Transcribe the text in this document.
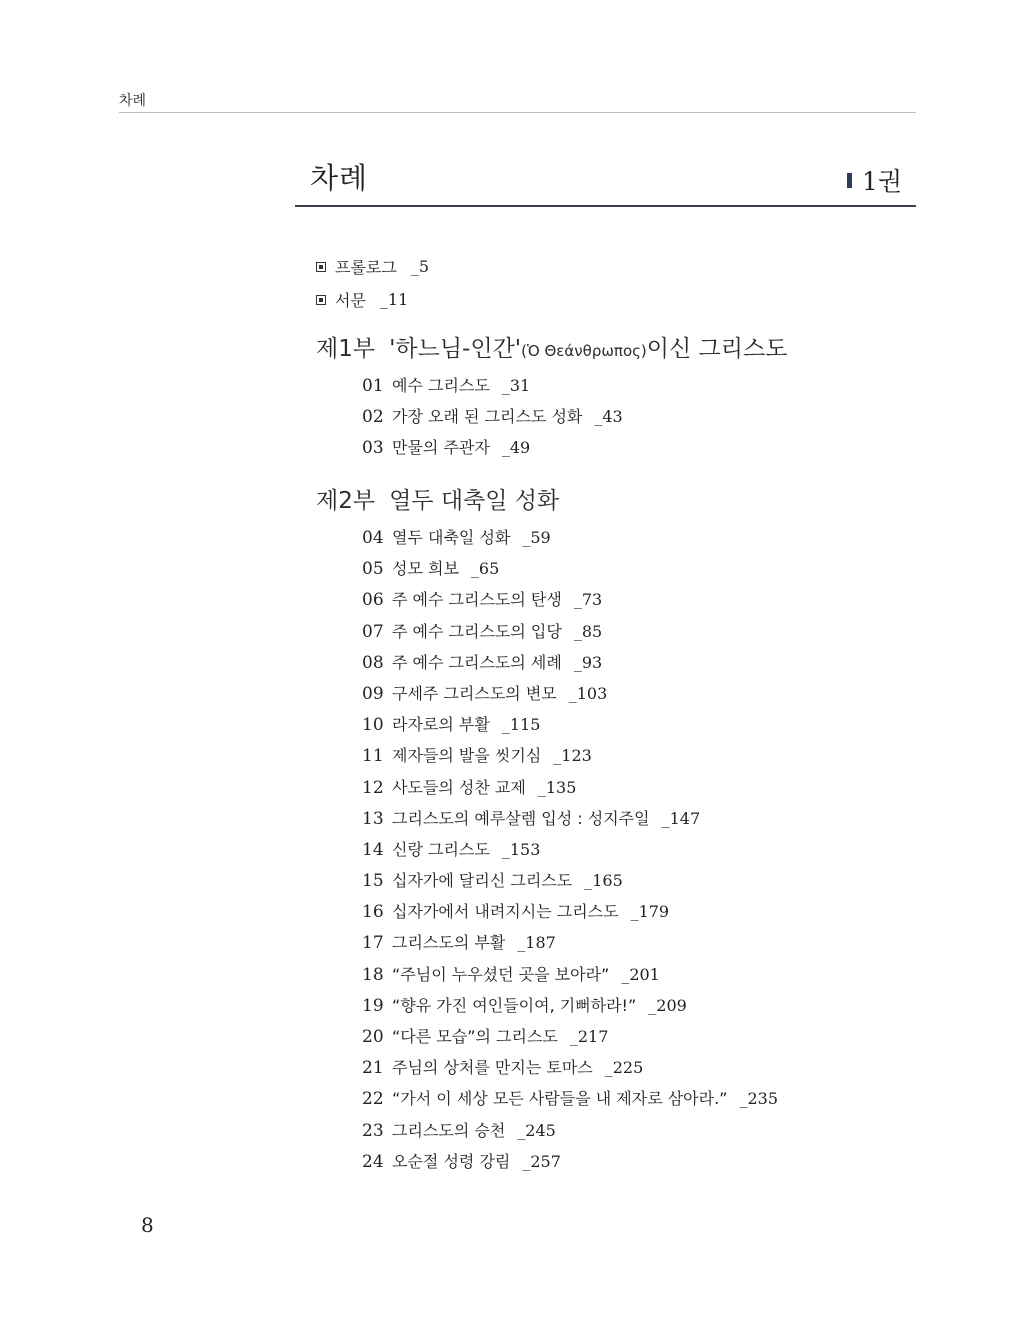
차례
차례	1권
프롤로그 _5
서문 _11
제1부 '하느님-인간'(Ὁ Θεάνθρωπος)이신 그리스도
01 예수 그리스도 _31
02 가장 오래 된 그리스도 성화 _43
03 만물의 주관자 _49
제2부 열두 대축일 성화
04 열두 대축일 성화 _59
05 성모 희보 _65
06 주 예수 그리스도의 탄생 _73
07 주 예수 그리스도의 입당 _85
08 주 예수 그리스도의 세례 _93
09 구세주 그리스도의 변모 _103
10 라자로의 부활 _115
11 제자들의 발을 씻기심 _123
12 사도들의 성찬 교제 _135
13 그리스도의 예루살렘 입성 : 성지주일 _147
14 신랑 그리스도 _153
15 십자가에 달리신 그리스도 _165
16 십자가에서 내려지시는 그리스도 _179
17 그리스도의 부활 _187
18 “주님이 누우셨던 곳을 보아라” _201
19 “향유 가진 여인들이여, 기뻐하라!” _209
20 “다른 모습”의 그리스도 _217
21 주님의 상처를 만지는 토마스 _225
22 “가서 이 세상 모든 사람들을 내 제자로 삼아라.” _235
23 그리스도의 승천 _245
24 오순절 성령 강림 _257
8
